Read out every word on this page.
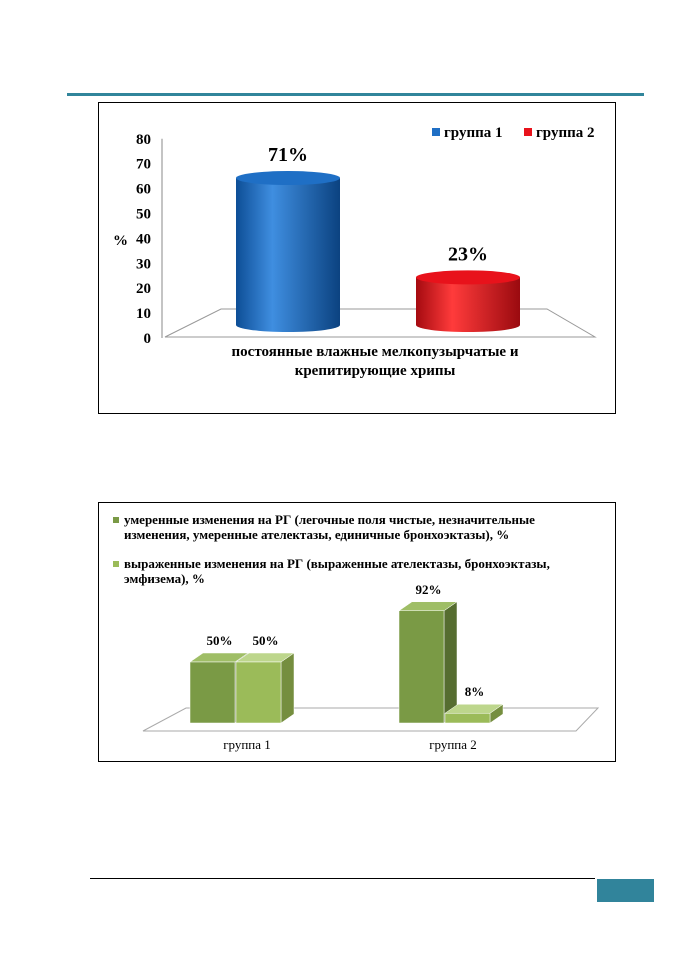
0
10
20
30
40
50
60
70
80
%
71%
23%
постоянные влажные мелкопузырчатые и
крепитирующие хрипы
группа 1 группа 2
умеренные изменения на РГ (легочные поля чистые, незначительные
изменения, умеренные ателектазы, единичные бронхоэктазы), %
выраженные изменения на РГ (выраженные ателектазы, бронхоэктазы,
эмфизема), %
50% 50%
92%
8%
группа 1	группа 2
